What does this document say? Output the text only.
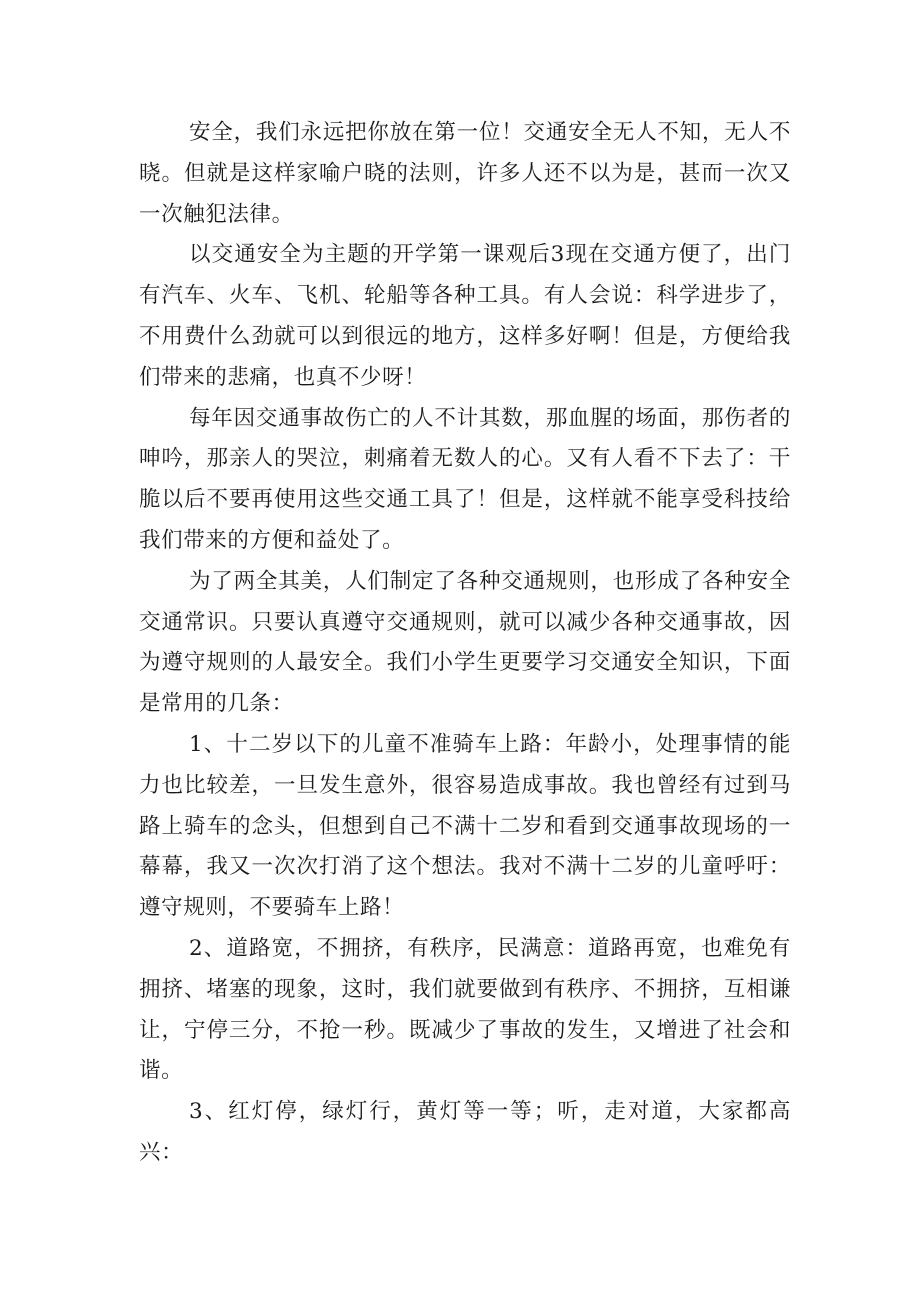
安全，我们永远把你放在第一位！交通安全无人不知，无人不晓。但就是这样家喻户晓的法则，许多人还不以为是，甚而一次又一次触犯法律。

以交通安全为主题的开学第一课观后3现在交通方便了，出门有汽车、火车、飞机、轮船等各种工具。有人会说：科学进步了，不用费什么劲就可以到很远的地方，这样多好啊！但是，方便给我们带来的悲痛，也真不少呀！

每年因交通事故伤亡的人不计其数，那血腥的场面，那伤者的呻吟，那亲人的哭泣，刺痛着无数人的心。又有人看不下去了：干脆以后不要再使用这些交通工具了！但是，这样就不能享受科技给我们带来的方便和益处了。

为了两全其美，人们制定了各种交通规则，也形成了各种安全交通常识。只要认真遵守交通规则，就可以减少各种交通事故，因为遵守规则的人最安全。我们小学生更要学习交通安全知识，下面是常用的几条：

1、十二岁以下的儿童不准骑车上路：年龄小，处理事情的能力也比较差，一旦发生意外，很容易造成事故。我也曾经有过到马路上骑车的念头，但想到自己不满十二岁和看到交通事故现场的一幕幕，我又一次次打消了这个想法。我对不满十二岁的儿童呼吁：遵守规则，不要骑车上路！

2、道路宽，不拥挤，有秩序，民满意：道路再宽，也难免有拥挤、堵塞的现象，这时，我们就要做到有秩序、不拥挤，互相谦让，宁停三分，不抢一秒。既减少了事故的发生，又增进了社会和谐。

3、红灯停，绿灯行，黄灯等一等；听，走对道，大家都高兴：
